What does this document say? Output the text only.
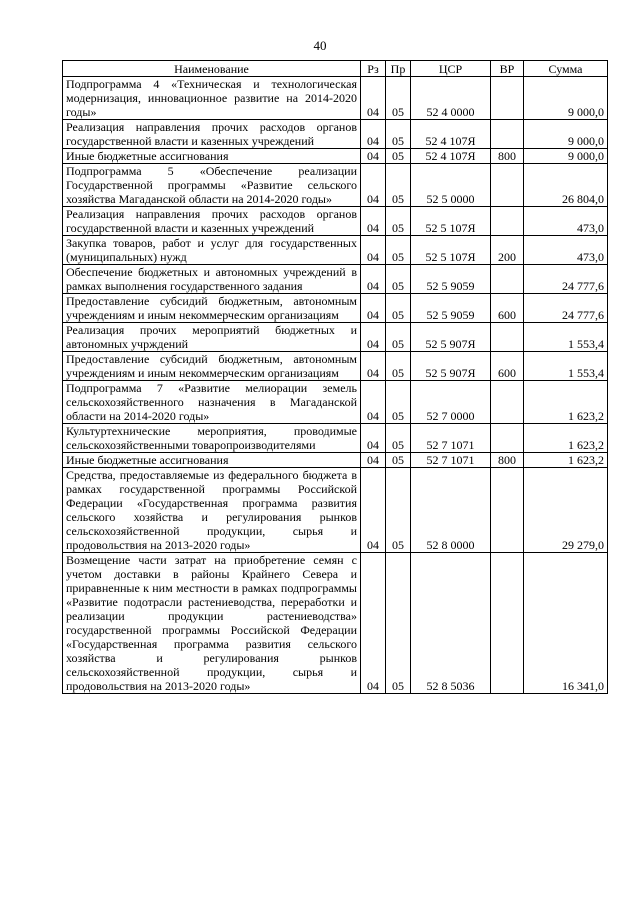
40
Наименование	Рз	Пр	ЦСР	ВР	Сумма
Подпрограмма 4 «Техническая и технологическая модернизация, инновационное развитие на 2014-2020 годы»	04	05	52 4 0000		9 000,0
Реализация направления прочих расходов органов государственной власти и казенных учреждений	04	05	52 4 107Я		9 000,0
Иные бюджетные ассигнования	04	05	52 4 107Я	800	9 000,0
Подпрограмма 5 «Обеспечение реализации Государственной программы «Развитие сельского хозяйства Магаданской области на 2014-2020 годы»	04	05	52 5 0000		26 804,0
Реализация направления прочих расходов органов государственной власти и казенных учреждений	04	05	52 5 107Я		473,0
Закупка товаров, работ и услуг для государственных (муниципальных) нужд	04	05	52 5 107Я	200	473,0
Обеспечение бюджетных и автономных учреждений в рамках выполнения государственного задания	04	05	52 5 9059		24 777,6
Предоставление субсидий бюджетным, автономным учреждениям и иным некоммерческим организациям	04	05	52 5 9059	600	24 777,6
Реализация прочих мероприятий бюджетных и автономных учрждений	04	05	52 5 907Я		1 553,4
Предоставление субсидий бюджетным, автономным учреждениям и иным некоммерческим организациям	04	05	52 5 907Я	600	1 553,4
Подпрограмма 7 «Развитие мелиорации земель сельскохозяйственного назначения в Магаданской области на 2014-2020 годы»	04	05	52 7 0000		1 623,2
Культуртехнические мероприятия, проводимые сельскохозяйственными товаропроизводителями	04	05	52 7 1071		1 623,2
Иные бюджетные ассигнования	04	05	52 7 1071	800	1 623,2
Средства, предоставляемые из федерального бюджета в рамках государственной программы Российской Федерации «Государственная программа развития сельского хозяйства и регулирования рынков сельскохозяйственной продукции, сырья и продовольствия на 2013-2020 годы»	04	05	52 8 0000		29 279,0
Возмещение части затрат на приобретение семян с учетом доставки в районы Крайнего Севера и приравненные к ним местности в рамках подпрограммы «Развитие подотрасли растениеводства, переработки и реализации продукции растениеводства» государственной программы Российской Федерации «Государственная программа развития сельского хозяйства и регулирования рынков сельскохозяйственной продукции, сырья и продовольствия на 2013-2020 годы»	04	05	52 8 5036		16 341,0
